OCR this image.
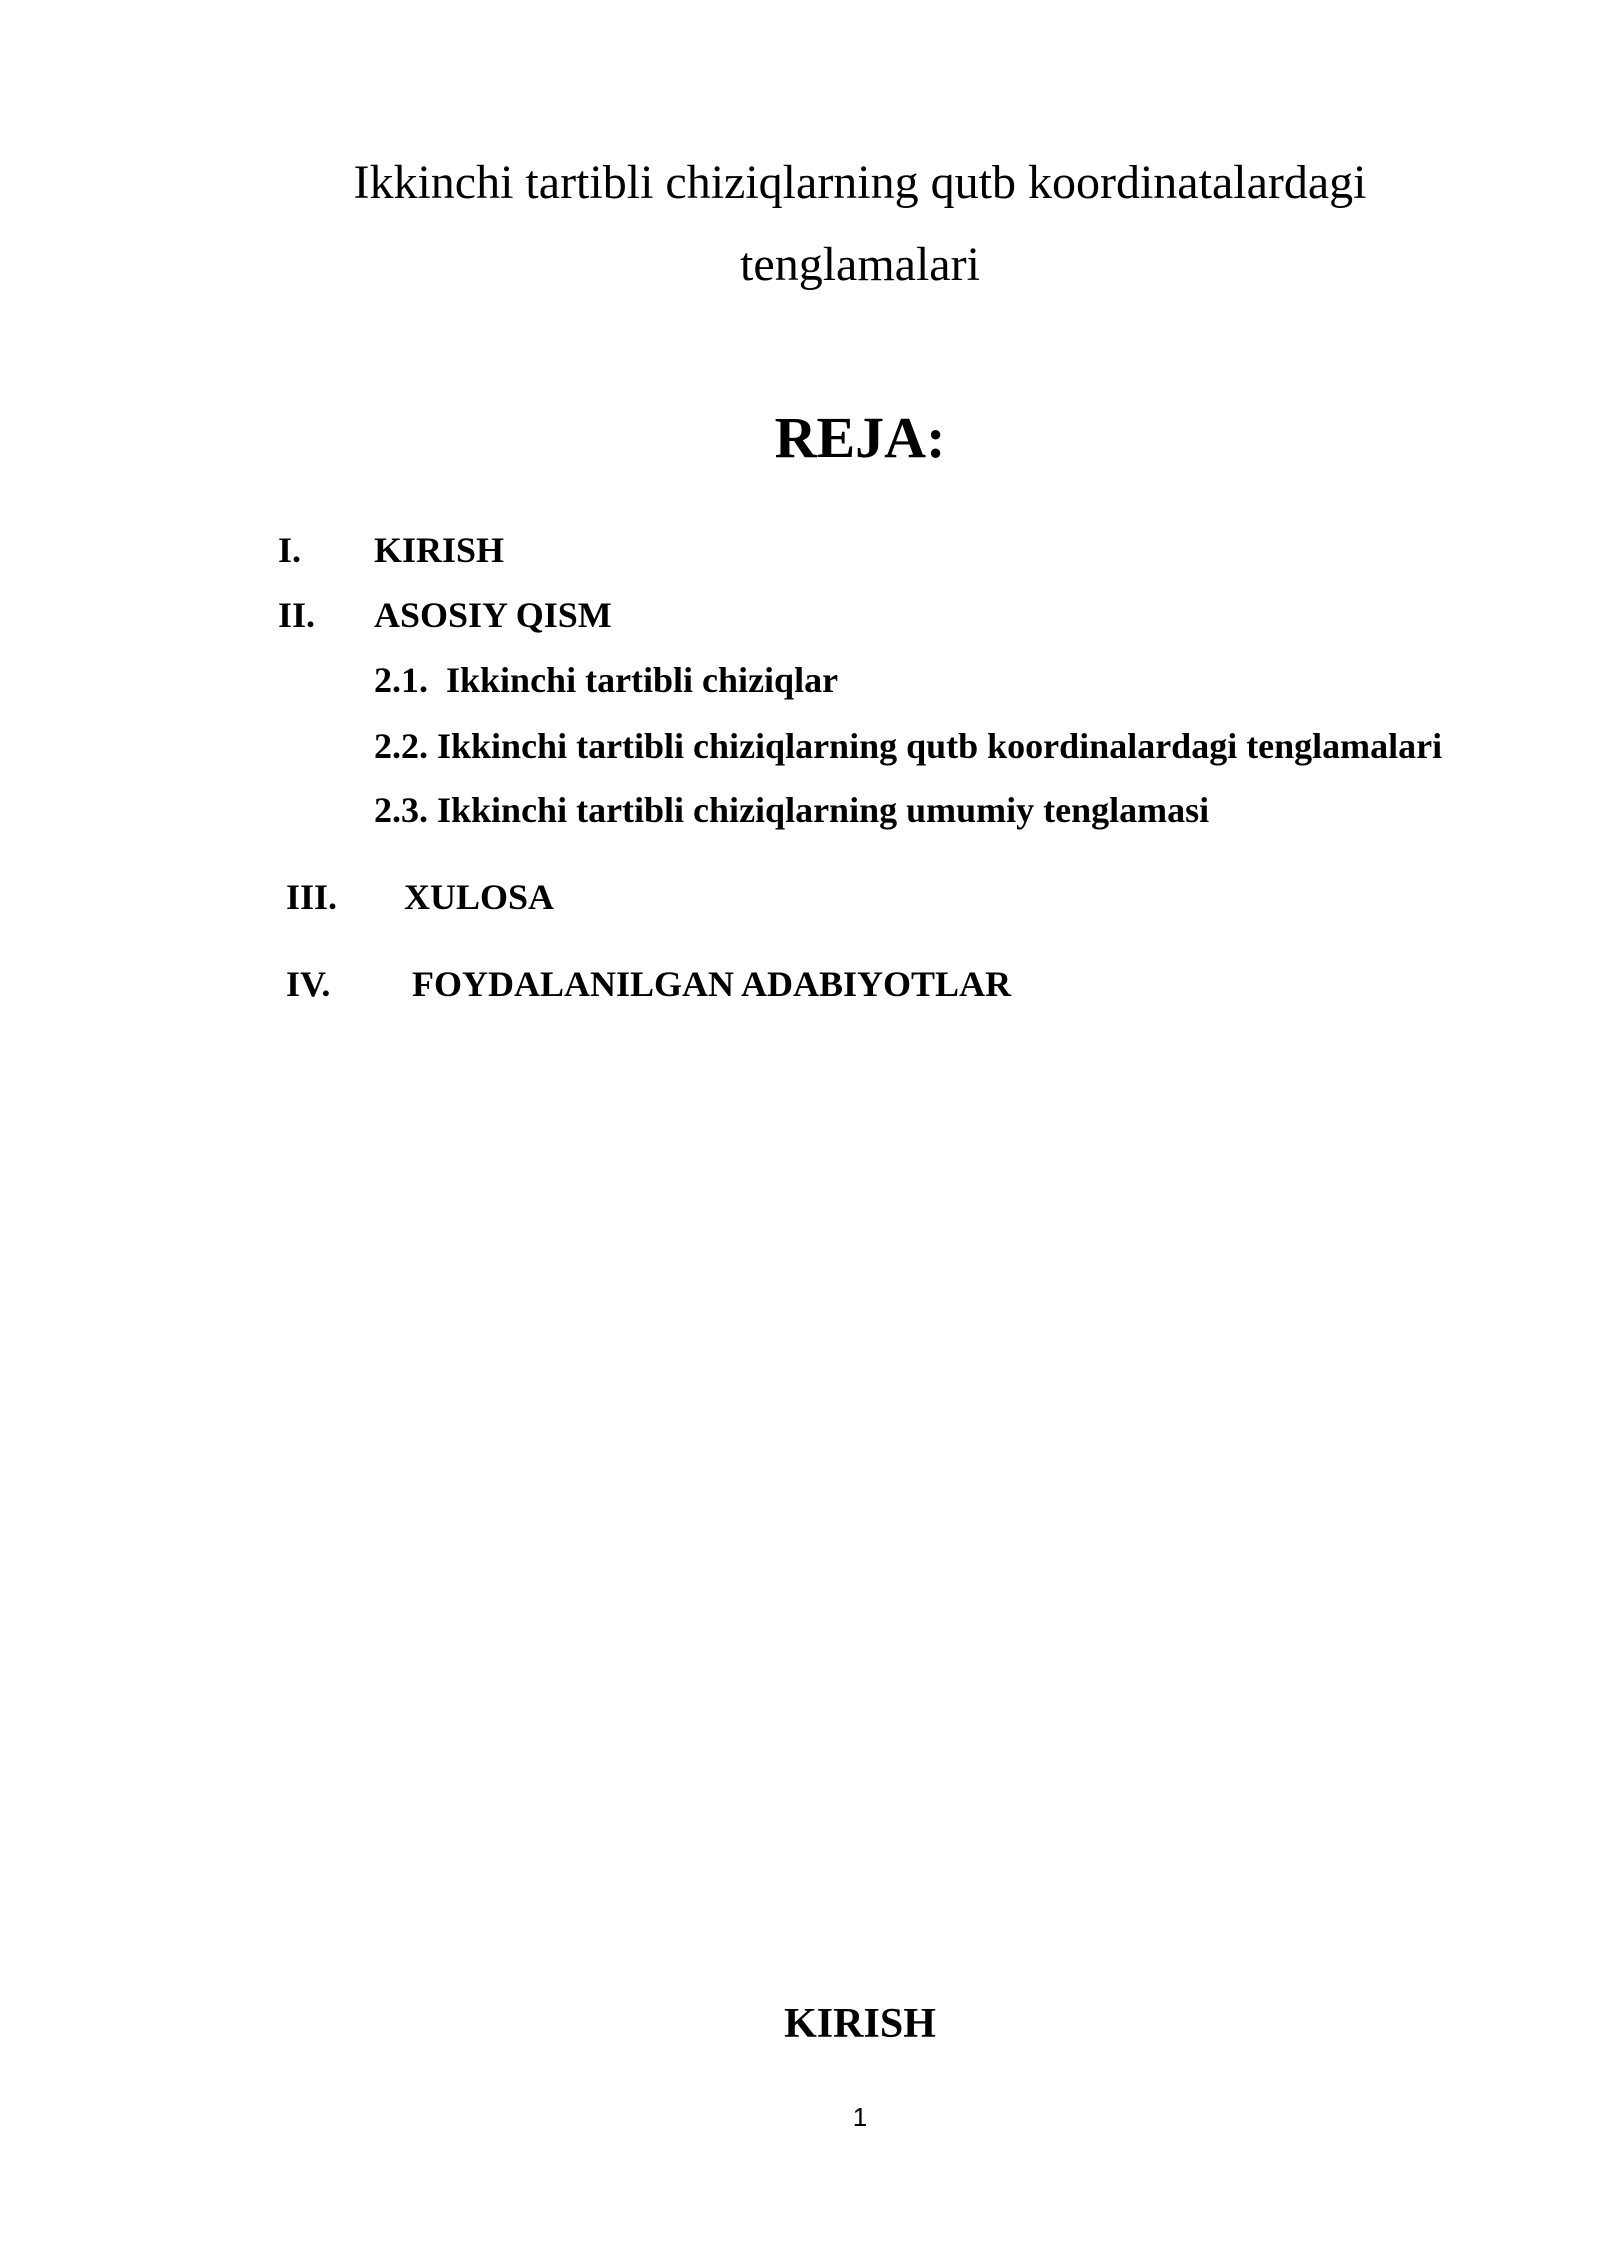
Ikkinchi tartibli chiziqlarning qutb koordinatalardagi
tenglamalari
REJA:
I. KIRISH
II. ASOSIY QISM
2.1.  Ikkinchi tartibli chiziqlar
2.2. Ikkinchi tartibli chiziqlarning qutb koordinalardagi tenglamalari
2.3. Ikkinchi tartibli chiziqlarning umumiy tenglamasi
III. XULOSA
IV. FOYDALANILGAN ADABIYOTLAR
KIRISH
1
